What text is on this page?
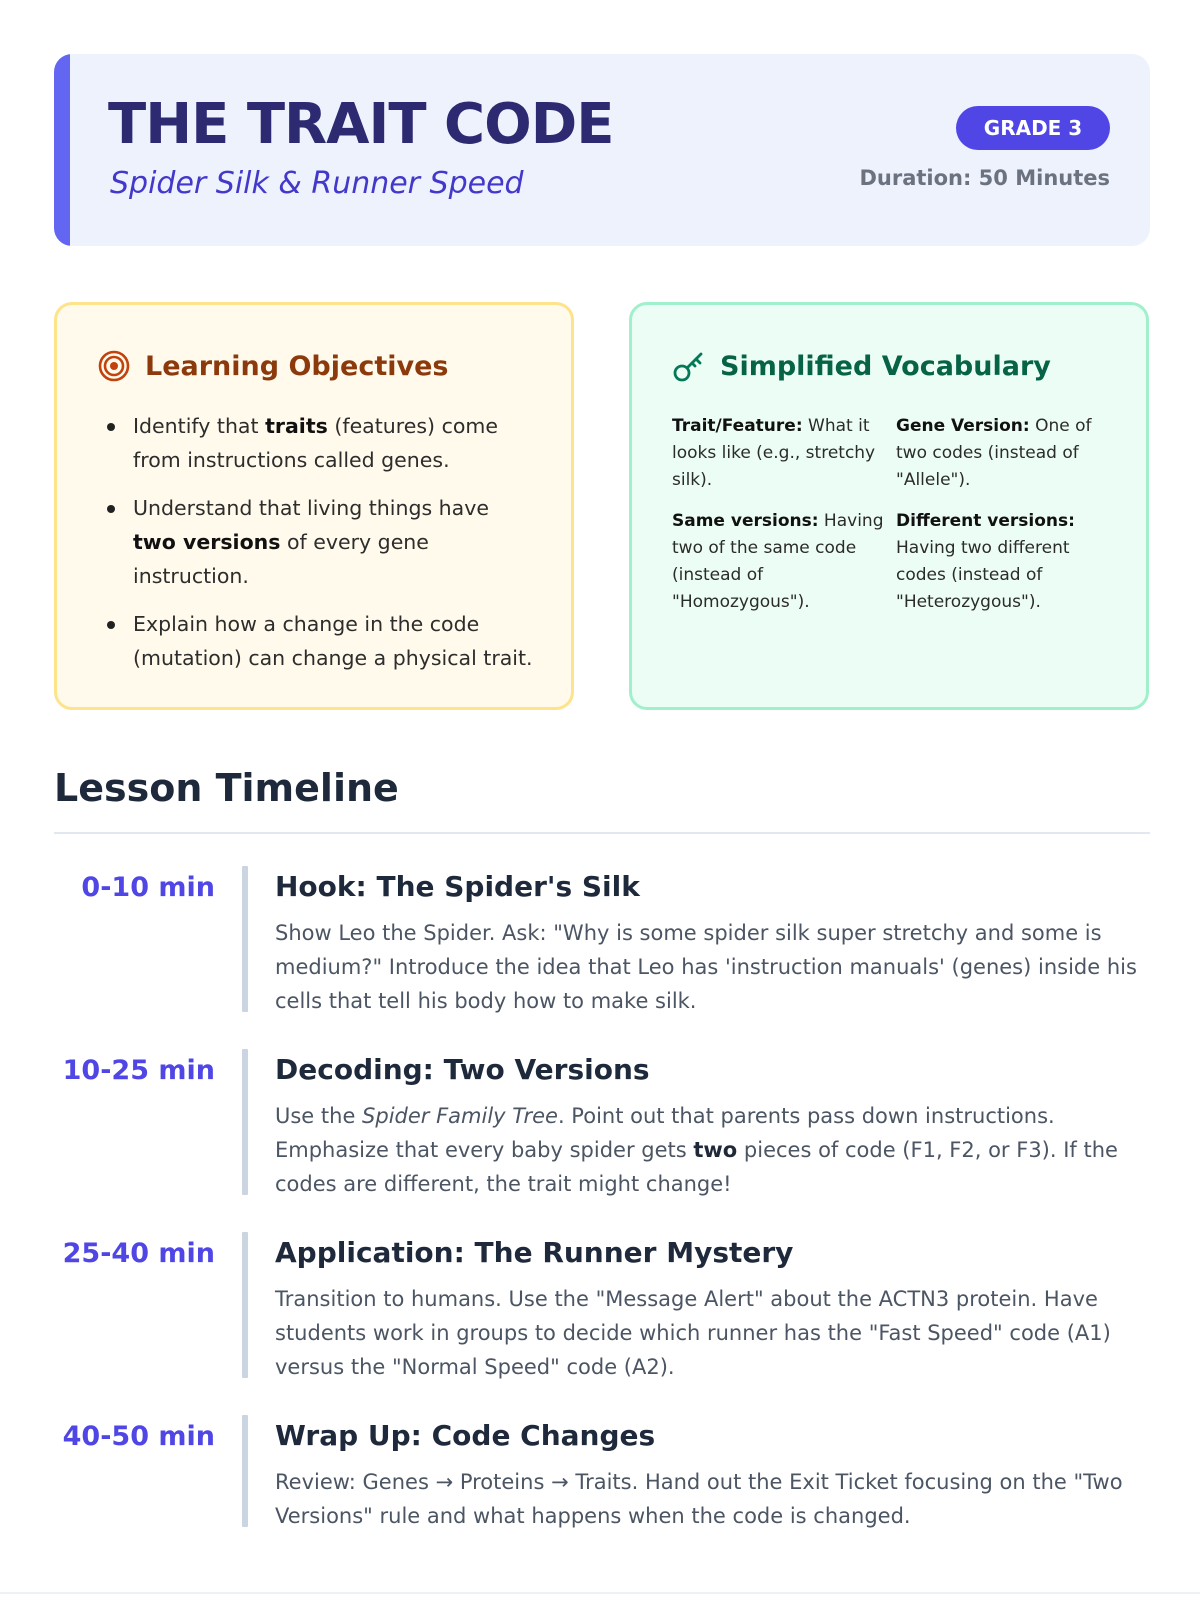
THE TRAIT CODE
Spider Silk & Runner Speed
GRADE 3
Duration: 50 Minutes
Learning Objectives
Identify that traits (features) come from instructions called genes.
Understand that living things have two versions of every gene instruction.
Explain how a change in the code (mutation) can change a physical trait.
Simplified Vocabulary
Trait/Feature: What it looks like (e.g., stretchy silk).
Gene Version: One of two codes (instead of "Allele").
Same versions: Having two of the same code (instead of "Homozygous").
Different versions: Having two different codes (instead of "Heterozygous").
Lesson Timeline
0-10 min Hook: The Spider's Silk
Show Leo the Spider. Ask: "Why is some spider silk super stretchy and some is medium?" Introduce the idea that Leo has 'instruction manuals' (genes) inside his cells that tell his body how to make silk.
10-25 min Decoding: Two Versions
Use the Spider Family Tree. Point out that parents pass down instructions. Emphasize that every baby spider gets two pieces of code (F1, F2, or F3). If the codes are different, the trait might change!
25-40 min Application: The Runner Mystery
Transition to humans. Use the "Message Alert" about the ACTN3 protein. Have students work in groups to decide which runner has the "Fast Speed" code (A1) versus the "Normal Speed" code (A2).
40-50 min Wrap Up: Code Changes
Review: Genes → Proteins → Traits. Hand out the Exit Ticket focusing on the "Two Versions" rule and what happens when the code is changed.
